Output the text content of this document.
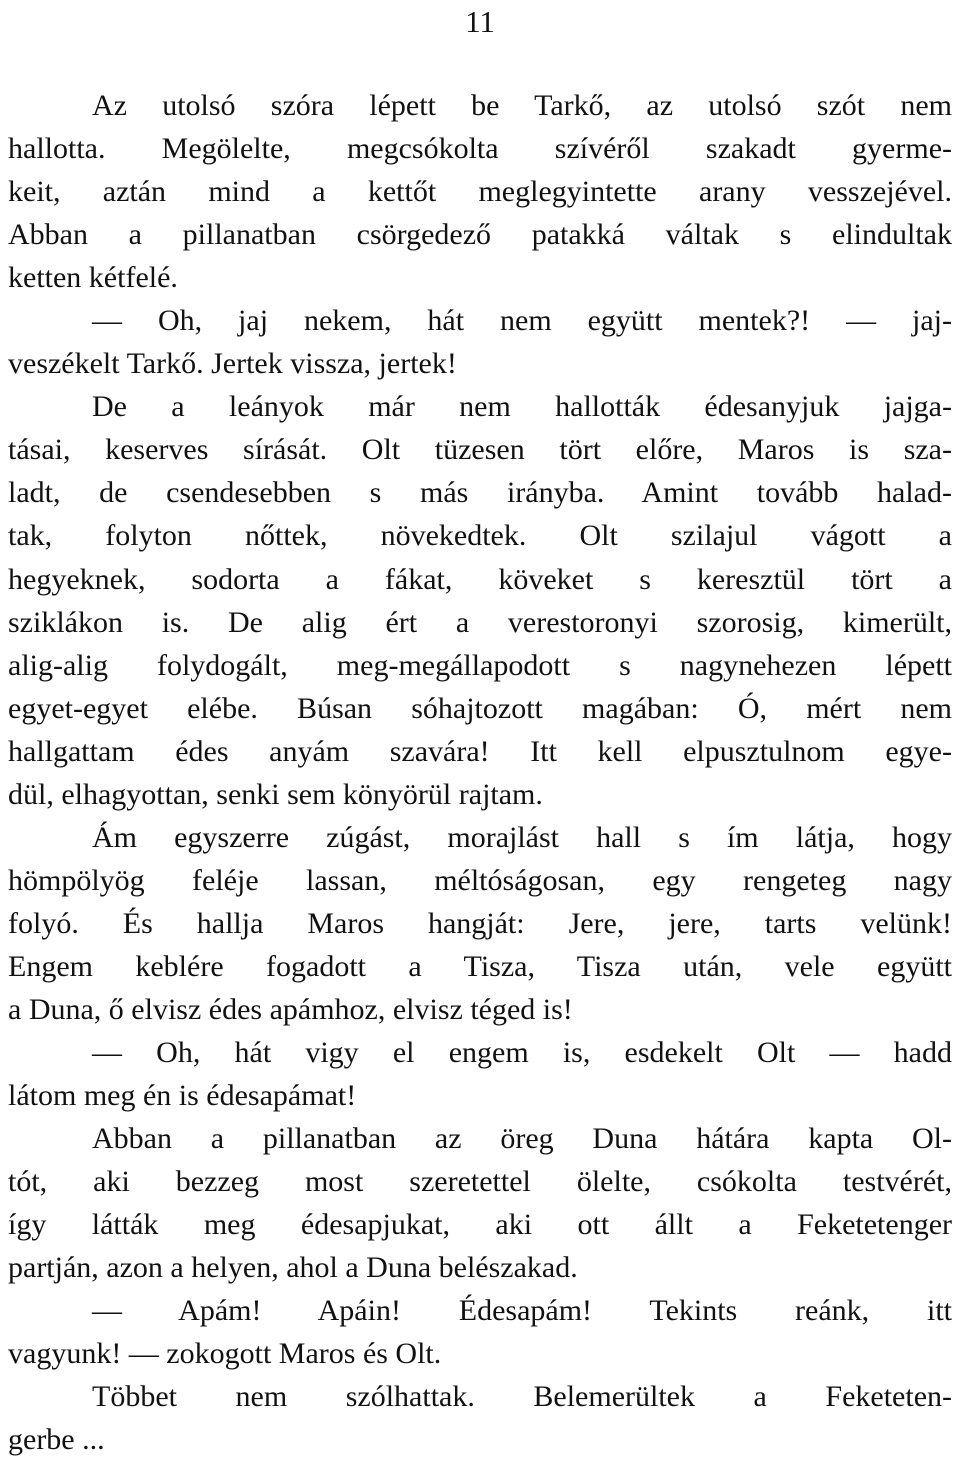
11

Az utolsó szóra lépett be Tarkő, az utolsó szót nem
hallotta. Megölelte, megcsókolta szívéről szakadt gyerme-
keit, aztán mind a kettőt meglegyintette arany vesszejével.
Abban a pillanatban csörgedező patakká váltak s elindultak
ketten kétfelé.

— Oh, jaj nekem, hát nem együtt mentek?! — jaj-
veszékelt Tarkő. Jertek vissza, jertek!

De a leányok már nem hallották édesanyjuk jajga-
tásai, keserves sírását. Olt tüzesen tört előre, Maros is sza-
ladt, de csendesebben s más irányba. Amint tovább halad-
tak, folyton nőttek, növekedtek. Olt szilajul vágott a
hegyeknek, sodorta a fákat, köveket s keresztül tört a
sziklákon is. De alig ért a verestoronyi szorosig, kimerült,
alig-alig folydogált, meg-megállapodott s nagynehezen lépett
egyet-egyet elébe. Búsan sóhajtozott magában: Ó, mért nem
hallgattam édes anyám szavára! Itt kell elpusztulnom egye-
dül, elhagyottan, senki sem könyörül rajtam.

Ám egyszerre zúgást, morajlást hall s ím látja, hogy
hömpölyög feléje lassan, méltóságosan, egy rengeteg nagy
folyó. És hallja Maros hangját: Jere, jere, tarts velünk!
Engem keblére fogadott a Tisza, Tisza után, vele együtt
a Duna, ő elvisz édes apámhoz, elvisz téged is!

— Oh, hát vigy el engem is, esdekelt Olt — hadd
látom meg én is édesapámat!

Abban a pillanatban az öreg Duna hátára kapta Ol-
tót, aki bezzeg most szeretettel ölelte, csókolta testvérét,
így látták meg édesapjukat, aki ott állt a Feketetenger
partján, azon a helyen, ahol a Duna belészakad.

— Apám! Apáin! Édesapám! Tekints reánk, itt
vagyunk! — zokogott Maros és Olt.

Többet nem szólhattak. Belemerültek a Feketeten-
gerbe ...
